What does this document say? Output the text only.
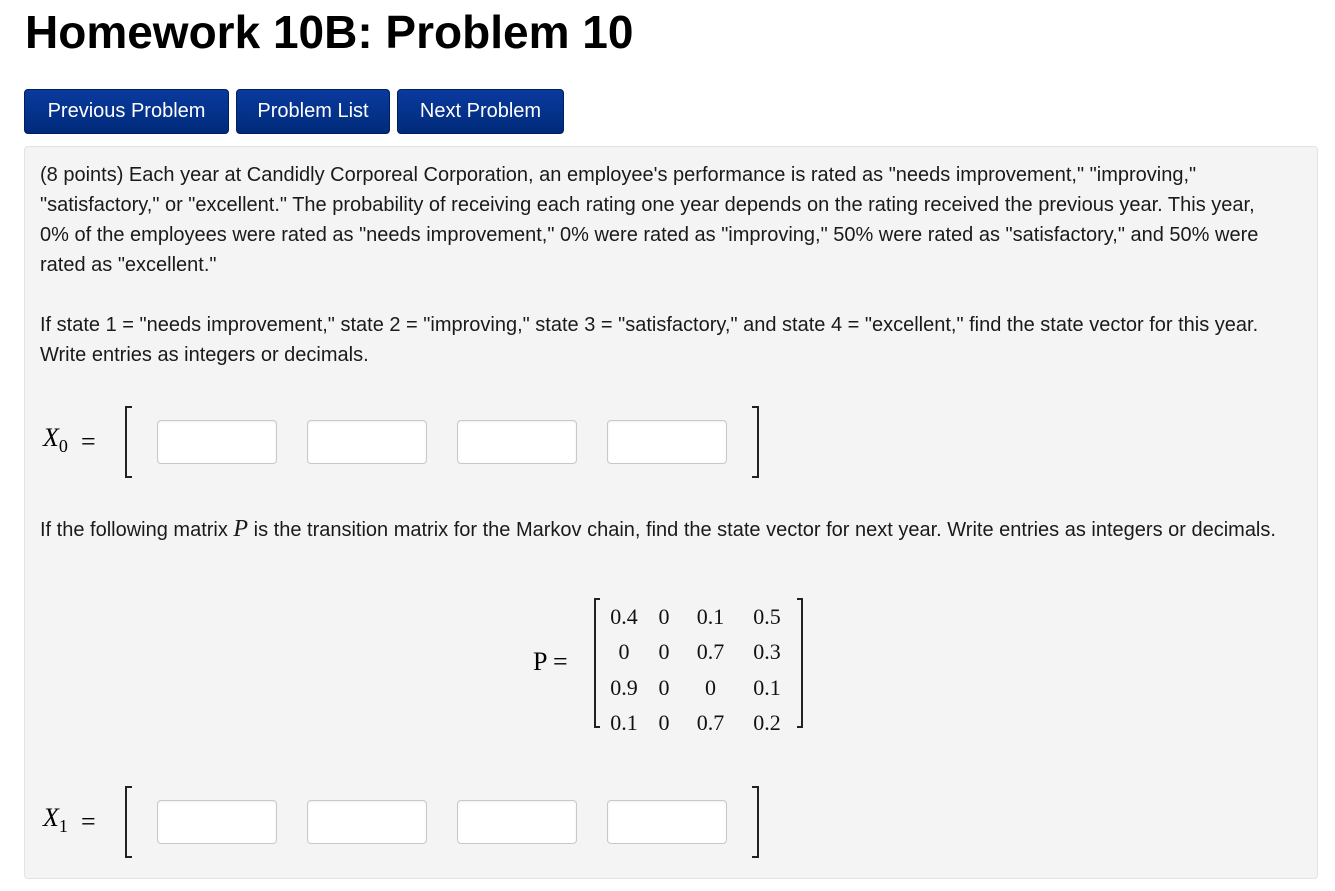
Homework 10B: Problem 10
Previous Problem	Problem List	Next Problem

(8 points) Each year at Candidly Corporeal Corporation, an employee's performance is rated as "needs improvement," "improving," "satisfactory," or "excellent." The probability of receiving each rating one year depends on the rating received the previous year. This year, 0% of the employees were rated as "needs improvement," 0% were rated as "improving," 50% were rated as "satisfactory," and 50% were rated as "excellent."

If state 1 = "needs improvement," state 2 = "improving," state 3 = "satisfactory," and state 4 = "excellent," find the state vector for this year. Write entries as integers or decimals.

$X_0$ =

If the following matrix P is the transition matrix for the Markov chain, find the state vector for next year. Write entries as integers or decimals.

P =
0.4	0	0.1	0.5
0	0	0.7	0.3
0.9	0	0	0.1
0.1	0	0.7	0.2
$X_1$ =
